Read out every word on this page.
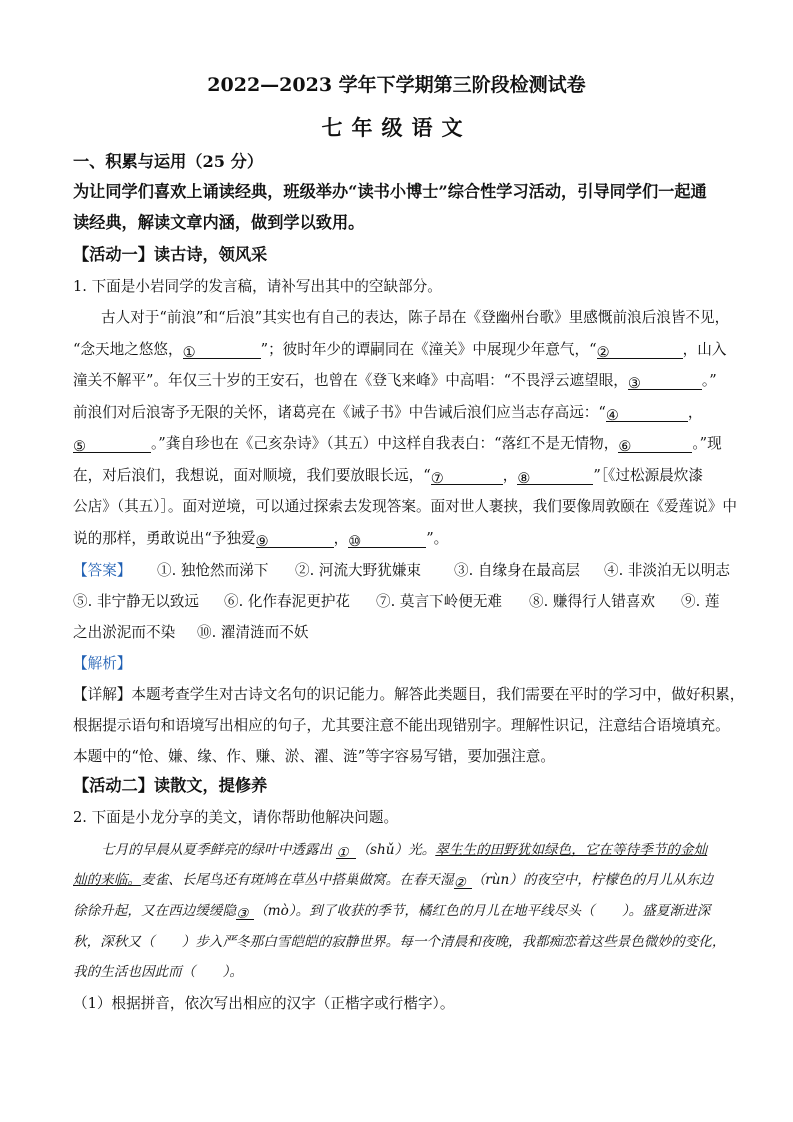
2022—2023 学年下学期第三阶段检测试卷
七年级语文
一、积累与运用（25 分）
为让同学们喜欢上诵读经典，班级举办“读书小博士”综合性学习活动，引导同学们一起通
读经典，解读文章内涵，做到学以致用。
【活动一】读古诗，领风采
1. 下面是小岩同学的发言稿，请补写出其中的空缺部分。
古人对于“前浪”和“后浪”其实也有自己的表达，陈子昂在《登幽州台歌》里感慨前浪后浪皆不见，
“念天地之悠悠，①	”；彼时年少的谭嗣同在《潼关》中展现少年意气，“②	，山入
潼关不解平”。年仅三十岁的王安石，也曾在《登飞来峰》中高唱：“不畏浮云遮望眼，③	。”
前浪们对后浪寄予无限的关怀，诸葛亮在《诫子书》中告诫后浪们应当志存高远：“④	，
⑤	。”龚自珍也在《己亥杂诗》（其五）中这样自我表白：“落红不是无情物，⑥	。”现
在，对后浪们，我想说，面对顺境，我们要放眼长远，“⑦	，⑧	”［《过松源晨炊漆
公店》（其五）］。面对逆境，可以通过探索去发现答案。面对世人裹挟，我们要像周敦颐在《爱莲说》中
说的那样，勇敢说出“予独爱⑨	，⑩	”。
【答案】 ①. 独怆然而涕下 ②. 河流大野犹嫌束 ③. 自缘身在最高层 ④. 非淡泊无以明志
⑤. 非宁静无以致远 ⑥. 化作春泥更护花 ⑦. 莫言下岭便无难 ⑧. 赚得行人错喜欢 ⑨. 莲
之出淤泥而不染 ⑩. 濯清涟而不妖
【解析】
【详解】本题考查学生对古诗文名句的识记能力。解答此类题目，我们需要在平时的学习中，做好积累，
根据提示语句和语境写出相应的句子，尤其要注意不能出现错别字。理解性识记，注意结合语境填充。
本题中的“怆、嫌、缘、作、赚、淤、濯、涟”等字容易写错，要加强注意。
【活动二】读散文，提修养
2. 下面是小龙分享的美文，请你帮助他解决问题。
七月的早晨从夏季鲜亮的绿叶中透露出 ① （shǔ）光。翠生生的田野犹如绿色，它在等待季节的金灿
灿的来临。麦雀、长尾鸟还有斑鸠在草丛中搭巢做窝。在春天湿② （rùn）的夜空中，柠檬色的月儿从东边
徐徐升起，又在西边缓缓隐③ （mò）。到了收获的季节，橘红色的月儿在地平线尽头（　　）。盛夏渐进深
秋，深秋又（　　）步入严冬那白雪皑皑的寂静世界。每一个清晨和夜晚，我都痴恋着这些景色微妙的变化，
我的生活也因此而（　　）。
（1）根据拼音，依次写出相应的汉字（正楷字或行楷字）。
